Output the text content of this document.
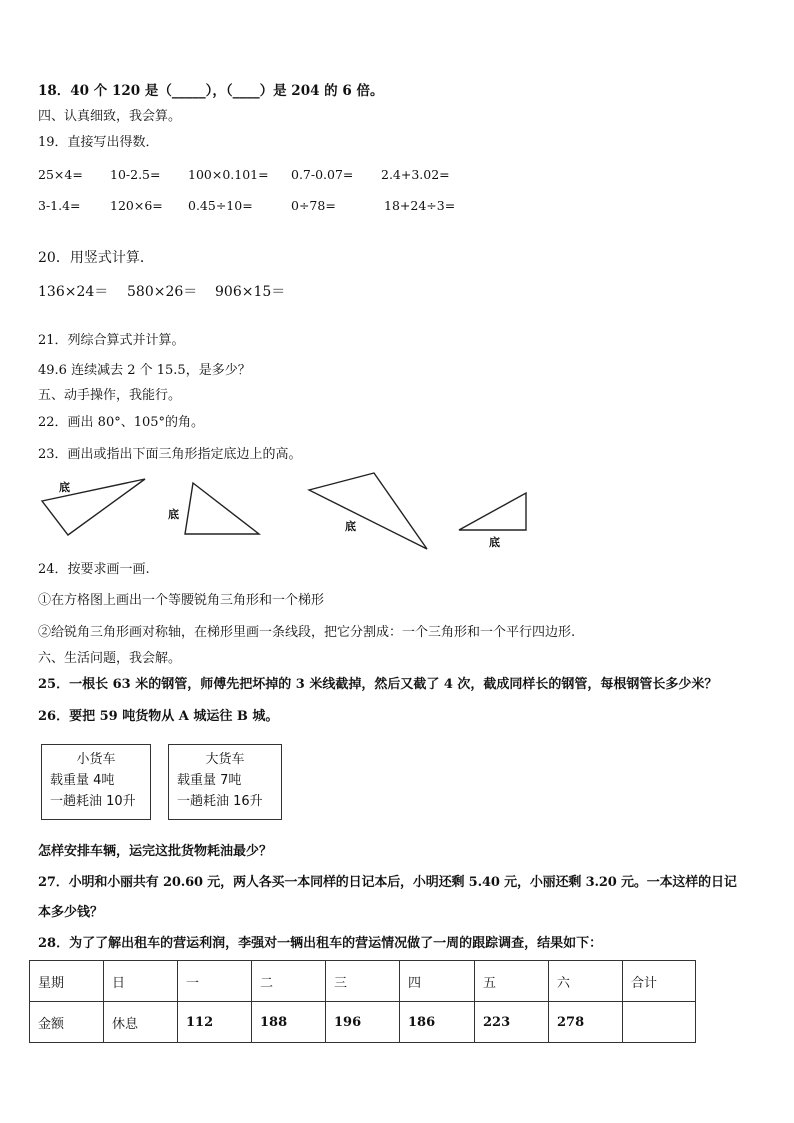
18．40 个 120 是（_____），（____）是 204 的 6 倍。
四、认真细致，我会算。
19．直接写出得数．
25×4= 10-2.5= 100×0.101= 0.7-0.07= 2.4+3.02=
3-1.4= 120×6= 0.45÷10=	0÷78=	18+24÷3=
20．用竖式计算．
136×24＝ 580×26＝ 906×15＝
21．列综合算式并计算。
49.6 连续减去 2 个 15.5，是多少？
五、动手操作，我能行。
22．画出 80°、105°的角。
23．画出或指出下面三角形指定底边上的高。
底
底
底
底
24．按要求画一画.
①在方格图上画出一个等腰锐角三角形和一个梯形
②给锐角三角形画对称轴，在梯形里画一条线段，把它分割成：一个三角形和一个平行四边形.
六、生活问题，我会解。
25．一根长 63 米的钢管，师傅先把坏掉的 3 米线截掉，然后又截了 4 次，截成同样长的钢管，每根钢管长多少米？
26．要把 59 吨货物从 A 城运往 B 城。
小货车
载重量 4吨
一趟耗油 10升
大货车
载重量 7吨
一趟耗油 16升
怎样安排车辆，运完这批货物耗油最少？
27．小明和小丽共有 20.60 元，两人各买一本同样的日记本后，小明还剩 5.40 元，小丽还剩 3.20 元。一本这样的日记
本多少钱？
28．为了了解出租车的营运利润，李强对一辆出租车的营运情况做了一周的跟踪调查，结果如下：
星期	日	一	二	三	四	五	六	合计
金额	休息	112	188	196	186	223	278	
